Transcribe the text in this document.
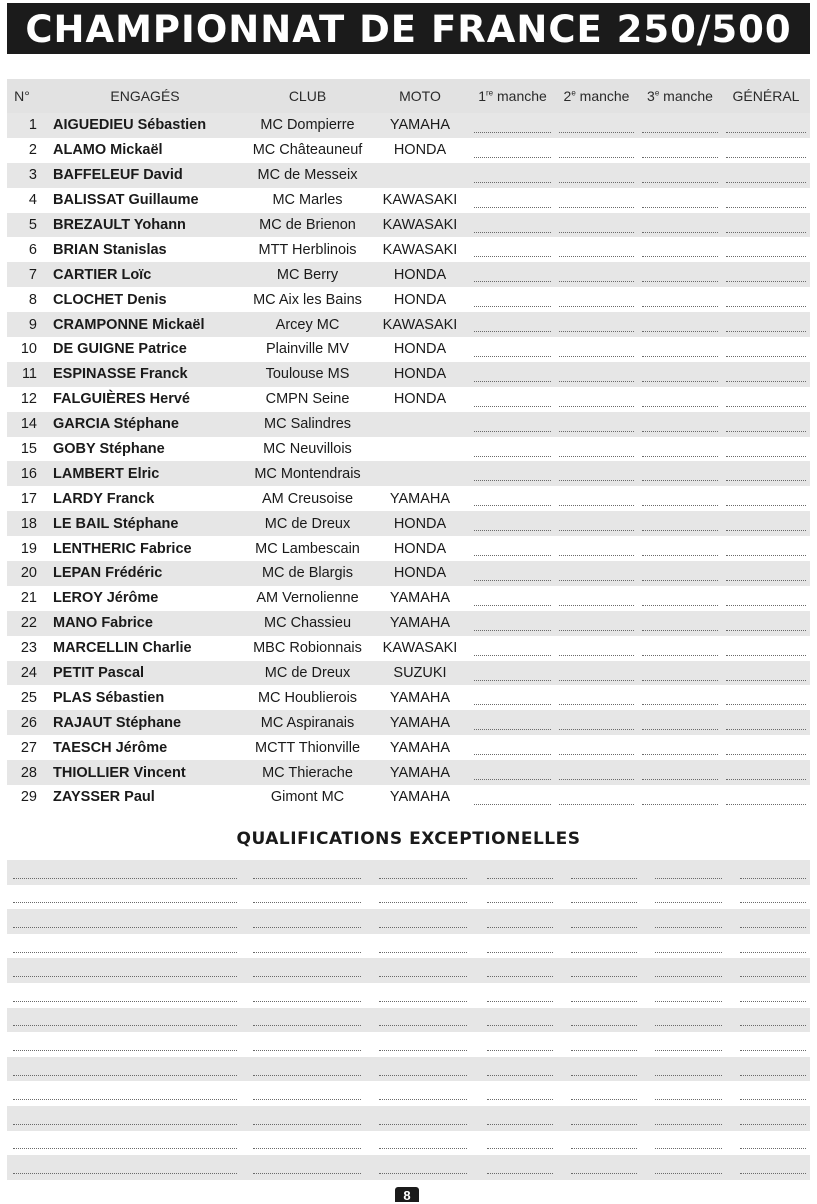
CHAMPIONNAT DE FRANCE 250/500
N°	ENGAGÉS	CLUB	MOTO	1re manche	2e manche	3e manche	GÉNÉRAL
1	AIGUEDIEU Sébastien	MC Dompierre	YAMAHA	

2	ALAMO Mickaël	MC Châteauneuf	HONDA	

3	BAFFELEUF David	MC de Messeix		

4	BALISSAT Guillaume	MC Marles	KAWASAKI	

5	BREZAULT Yohann	MC de Brienon	KAWASAKI	

6	BRIAN Stanislas	MTT Herblinois	KAWASAKI	

7	CARTIER Loïc	MC Berry	HONDA	

8	CLOCHET Denis	MC Aix les Bains	HONDA	

9	CRAMPONNE Mickaël	Arcey MC	KAWASAKI	

10	DE GUIGNE Patrice	Plainville MV	HONDA	

11	ESPINASSE Franck	Toulouse MS	HONDA	

12	FALGUIÈRES Hervé	CMPN Seine	HONDA	

14	GARCIA Stéphane	MC Salindres		

15	GOBY Stéphane	MC Neuvillois		

16	LAMBERT Elric	MC Montendrais		

17	LARDY Franck	AM Creusoise	YAMAHA	

18	LE BAIL Stéphane	MC de Dreux	HONDA	

19	LENTHERIC Fabrice	MC Lambescain	HONDA	

20	LEPAN Frédéric	MC de Blargis	HONDA	

21	LEROY Jérôme	AM Vernolienne	YAMAHA	

22	MANO Fabrice	MC Chassieu	YAMAHA	

23	MARCELLIN Charlie	MBC Robionnais	KAWASAKI	

24	PETIT Pascal	MC de Dreux	SUZUKI	

25	PLAS Sébastien	MC Houblierois	YAMAHA	

26	RAJAUT Stéphane	MC Aspiranais	YAMAHA	

27	TAESCH Jérôme	MCTT Thionville	YAMAHA	

28	THIOLLIER Vincent	MC Thierache	YAMAHA	

29	ZAYSSER Paul	Gimont MC	YAMAHA	

QUALIFICATIONS EXCEPTIONELLES
8
